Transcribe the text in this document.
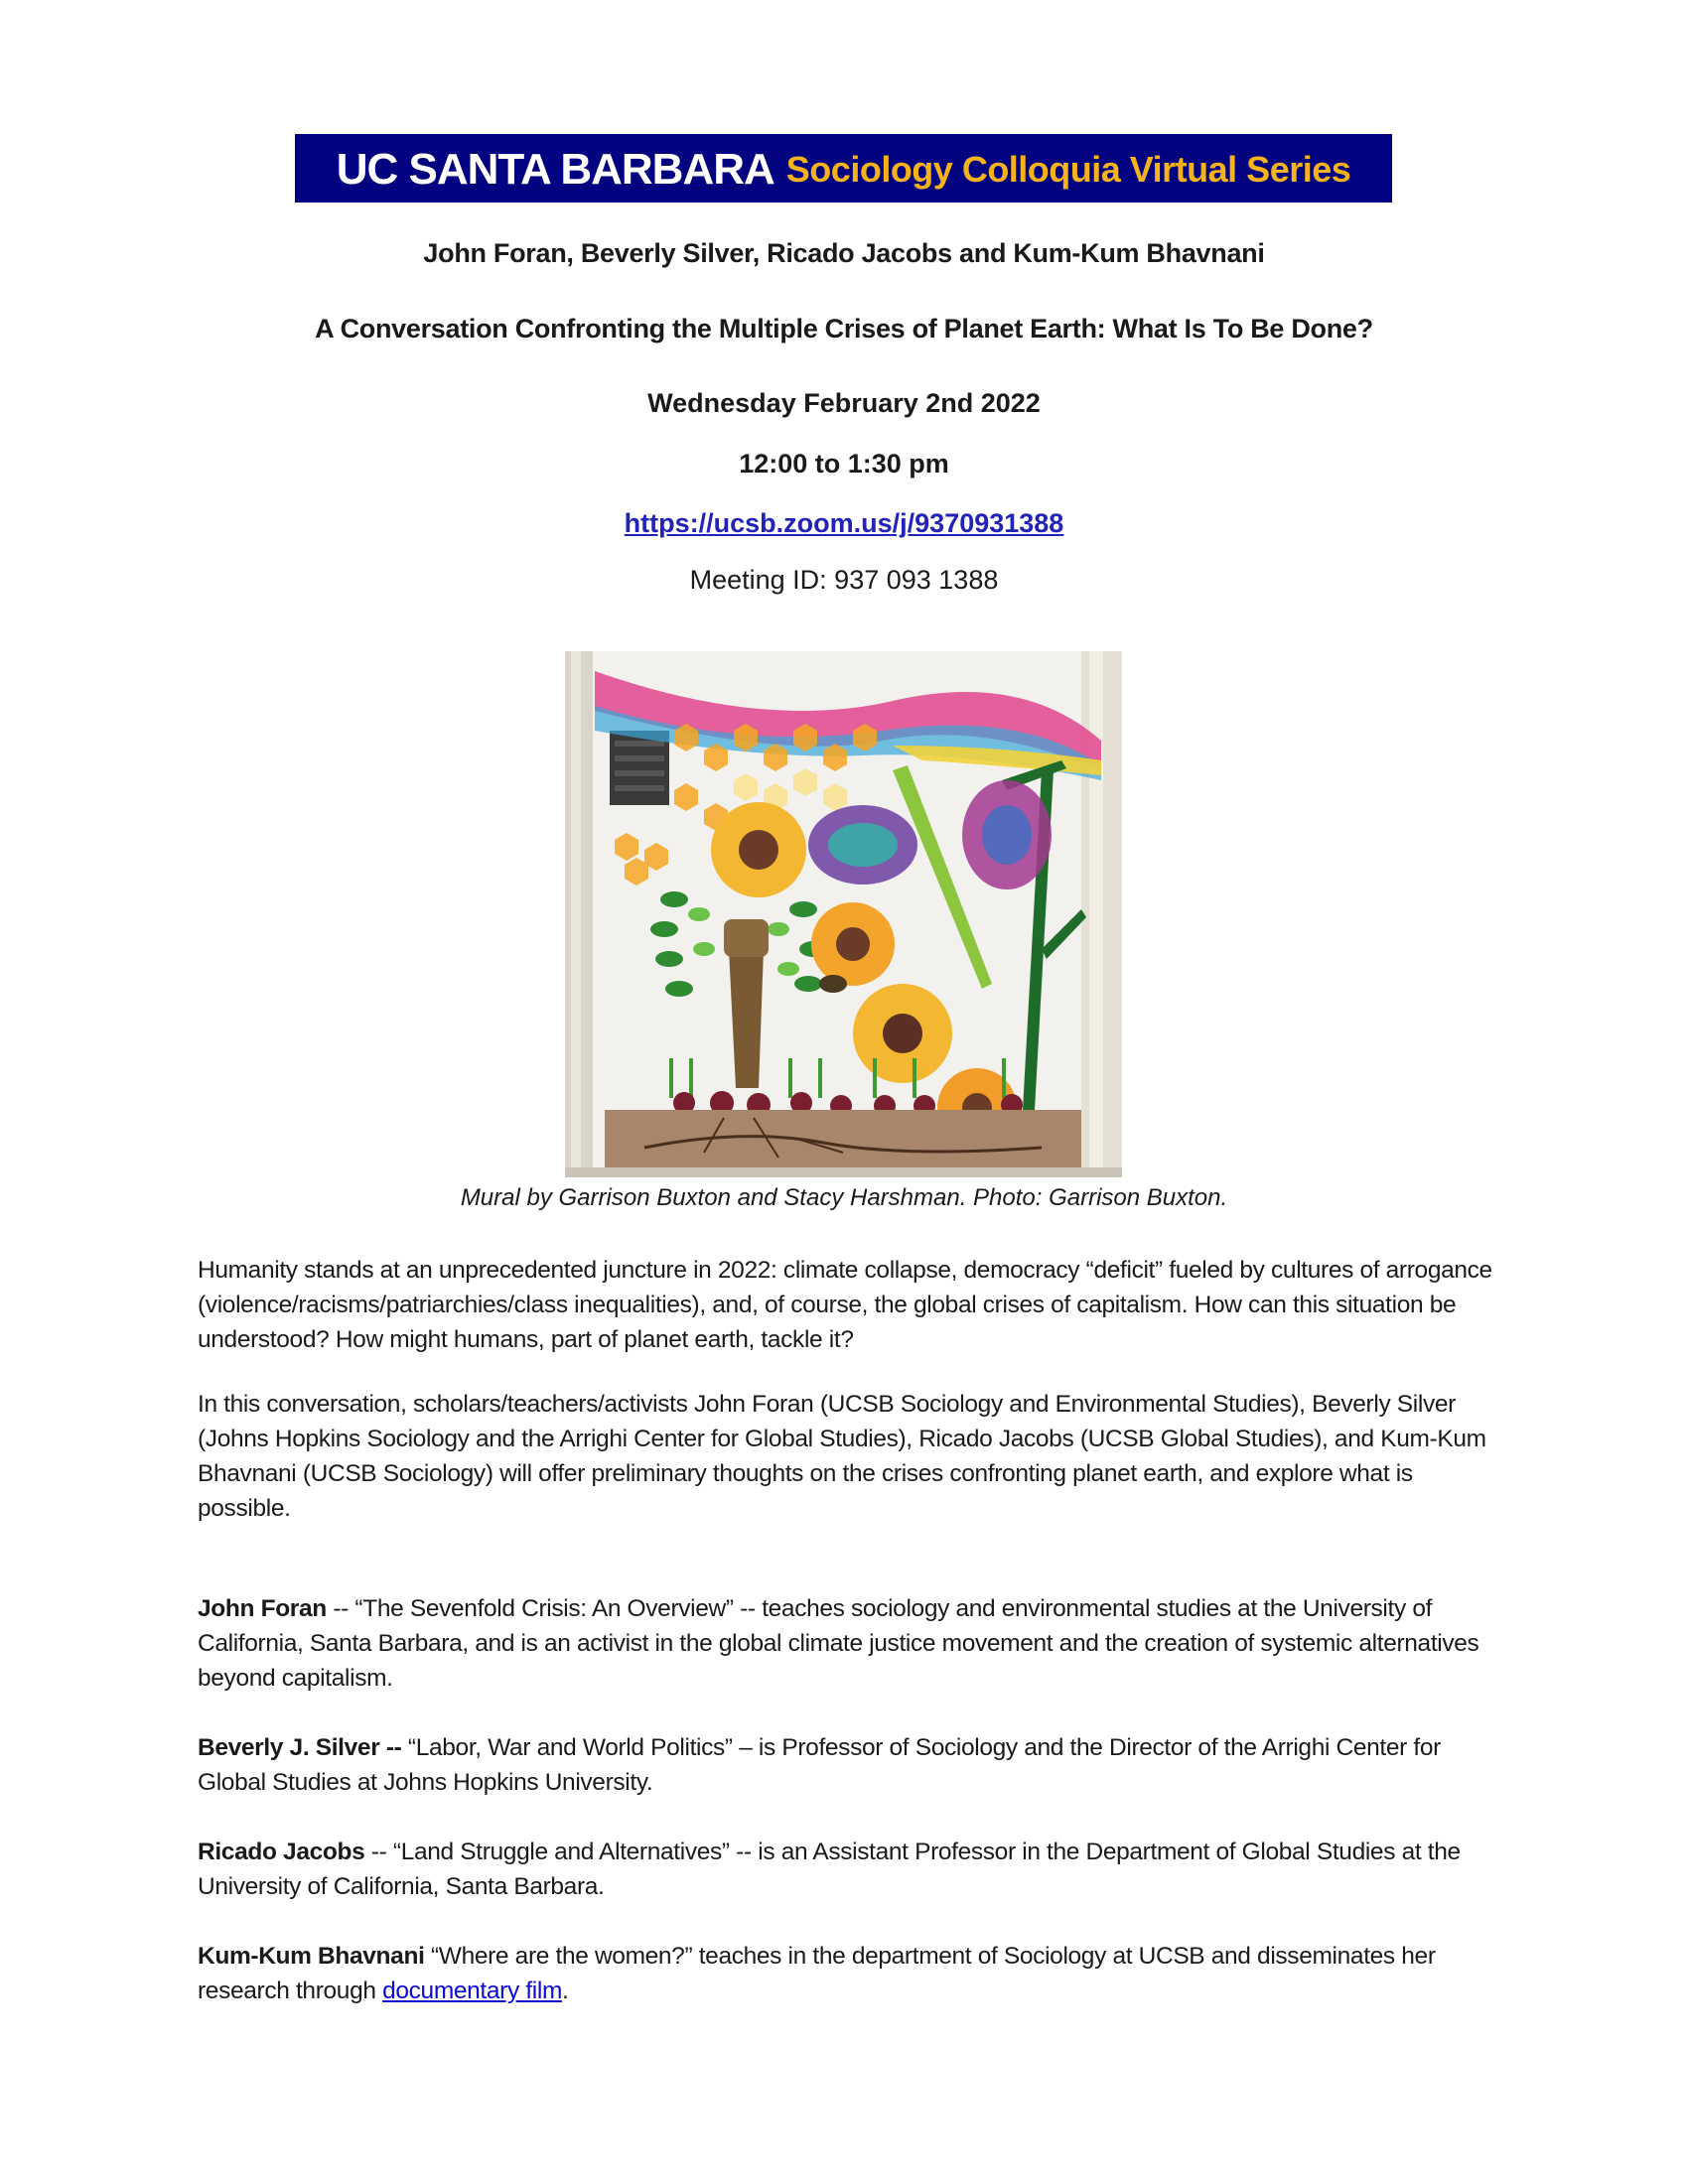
UC SANTA BARBARA Sociology Colloquia Virtual Series
John Foran, Beverly Silver, Ricado Jacobs and Kum-Kum Bhavnani
A Conversation Confronting the Multiple Crises of Planet Earth: What Is To Be Done?
Wednesday February 2nd 2022
12:00 to 1:30 pm
https://ucsb.zoom.us/j/9370931388
Meeting ID: 937 093 1388
Mural by Garrison Buxton and Stacy Harshman. Photo: Garrison Buxton.

Humanity stands at an unprecedented juncture in 2022: climate collapse, democracy “deficit” fueled by cultures of arrogance (violence/racisms/patriarchies/class inequalities), and, of course, the global crises of capitalism. How can this situation be understood? How might humans, part of planet earth, tackle it?

In this conversation, scholars/teachers/activists John Foran (UCSB Sociology and Environmental Studies), Beverly Silver (Johns Hopkins Sociology and the Arrighi Center for Global Studies), Ricado Jacobs (UCSB Global Studies), and Kum-Kum Bhavnani (UCSB Sociology) will offer preliminary thoughts on the crises confronting planet earth, and explore what is possible.

John Foran -- “The Sevenfold Crisis: An Overview” -- teaches sociology and environmental studies at the University of California, Santa Barbara, and is an activist in the global climate justice movement and the creation of systemic alternatives beyond capitalism.

Beverly J. Silver -- “Labor, War and World Politics” – is Professor of Sociology and the Director of the Arrighi Center for Global Studies at Johns Hopkins University.

Ricado Jacobs -- “Land Struggle and Alternatives” -- is an Assistant Professor in the Department of Global Studies at the University of California, Santa Barbara.

Kum-Kum Bhavnani “Where are the women?” teaches in the department of Sociology at UCSB and disseminates her research through documentary film.
